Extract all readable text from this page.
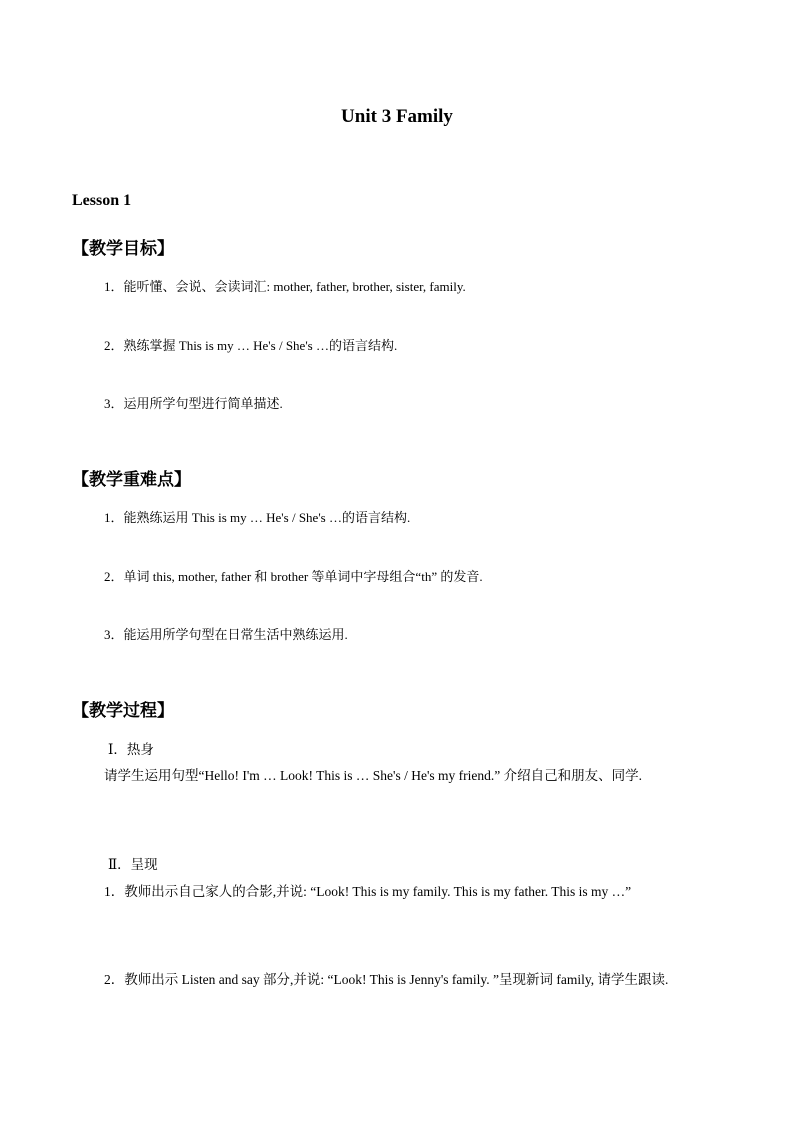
Unit 3 Family
Lesson 1
【教学目标】
1．能听懂、会说、会读词汇: mother, father, brother, sister, family.
2．熟练掌握 This is my … He's / She's …的语言结构.
3．运用所学句型进行简单描述.
【教学重难点】
1．能熟练运用 This is my … He's / She's …的语言结构.
2．单词 this, mother, father 和 brother 等单词中字母组合“th” 的发音.
3．能运用所学句型在日常生活中熟练运用.
【教学过程】
Ⅰ．热身
请学生运用句型“Hello! I'm … Look! This is … She's / He's my friend.” 介绍自己和朋友、同学.
Ⅱ．呈现
1．教师出示自己家人的合影,并说: “Look! This is my family. This is my father. This is my …”
2．教师出示 Listen and say 部分,并说: “Look! This is Jenny's family. ”呈现新词 family, 请学生跟读.
